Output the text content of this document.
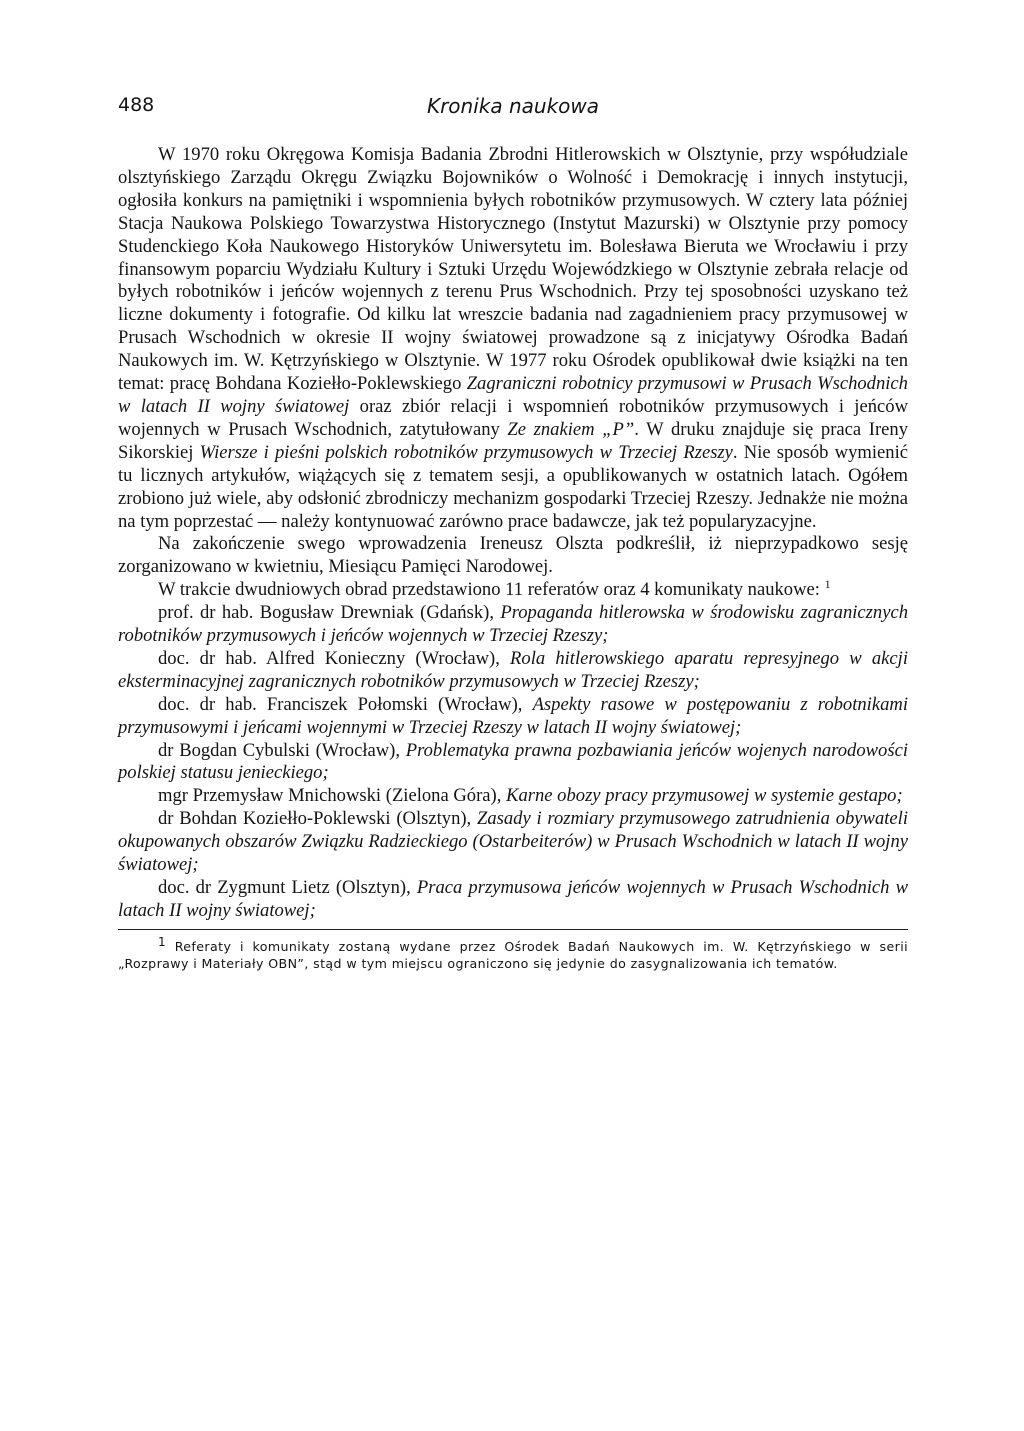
488	Kronika naukowa

W 1970 roku Okręgowa Komisja Badania Zbrodni Hitlerowskich w Olsztynie, przy współudziale olsztyńskiego Zarządu Okręgu Związku Bojowników o Wolność i Demokrację i innych instytucji, ogłosiła konkurs na pamiętniki i wspomnienia byłych robotników przymusowych. W cztery lata później Stacja Naukowa Polskiego Towarzystwa Historycznego (Instytut Mazurski) w Olsztynie przy pomocy Studenckiego Koła Naukowego Historyków Uniwersytetu im. Bolesława Bieruta we Wrocławiu i przy finansowym poparciu Wydziału Kultury i Sztuki Urzędu Wojewódzkiego w Olsztynie zebrała relacje od byłych robotników i jeńców wojennych z terenu Prus Wschodnich. Przy tej sposobności uzyskano też liczne dokumenty i fotografie. Od kilku lat wreszcie badania nad zagadnieniem pracy przymusowej w Prusach Wschodnich w okresie II wojny światowej prowadzone są z inicjatywy Ośrodka Badań Naukowych im. W. Kętrzyńskiego w Olsztynie. W 1977 roku Ośrodek opublikował dwie książki na ten temat: pracę Bohdana Koziełło-Poklewskiego Zagraniczni robotnicy przymusowi w Prusach Wschodnich w latach II wojny światowej oraz zbiór relacji i wspomnień robotników przymusowych i jeńców wojennych w Prusach Wschodnich, zatytułowany Ze znakiem „P”. W druku znajduje się praca Ireny Sikorskiej Wiersze i pieśni polskich robotników przymusowych w Trzeciej Rzeszy. Nie sposób wymienić tu licznych artykułów, wiążących się z tematem sesji, a opublikowanych w ostatnich latach. Ogółem zrobiono już wiele, aby odsłonić zbrodniczy mechanizm gospodarki Trzeciej Rzeszy. Jednakże nie można na tym poprzestać — należy kontynuować zarówno prace badawcze, jak też popularyzacyjne.

Na zakończenie swego wprowadzenia Ireneusz Olszta podkreślił, iż nieprzypadkowo sesję zorganizowano w kwietniu, Miesiącu Pamięci Narodowej.

W trakcie dwudniowych obrad przedstawiono 11 referatów oraz 4 komunikaty naukowe: $^1$

prof. dr hab. Bogusław Drewniak (Gdańsk), Propaganda hitlerowska w środowisku zagranicznych robotników przymusowych i jeńców wojennych w Trzeciej Rzeszy;

doc. dr hab. Alfred Konieczny (Wrocław), Rola hitlerowskiego aparatu represyjnego w akcji eksterminacyjnej zagranicznych robotników przymusowych w Trzeciej Rzeszy;

doc. dr hab. Franciszek Połomski (Wrocław), Aspekty rasowe w postępowaniu z robotnikami przymusowymi i jeńcami wojennymi w Trzeciej Rzeszy w latach II wojny światowej;

dr Bogdan Cybulski (Wrocław), Problematyka prawna pozbawiania jeńców wojenych narodowości polskiej statusu jenieckiego;

mgr Przemysław Mnichowski (Zielona Góra), Karne obozy pracy przymusowej w systemie gestapo;

dr Bohdan Koziełło-Poklewski (Olsztyn), Zasady i rozmiary przymusowego zatrudnienia obywateli okupowanych obszarów Związku Radzieckiego (Ostarbeiterów) w Prusach Wschodnich w latach II wojny światowej;

doc. dr Zygmunt Lietz (Olsztyn), Praca przymusowa jeńców wojennych w Prusach Wschodnich w latach II wojny światowej;

$^1$ Referaty i komunikaty zostaną wydane przez Ośrodek Badań Naukowych im. W. Kętrzyńskiego w serii „Rozprawy i Materiały OBN”, stąd w tym miejscu ograniczono się jedynie do zasygnalizowania ich tematów.
